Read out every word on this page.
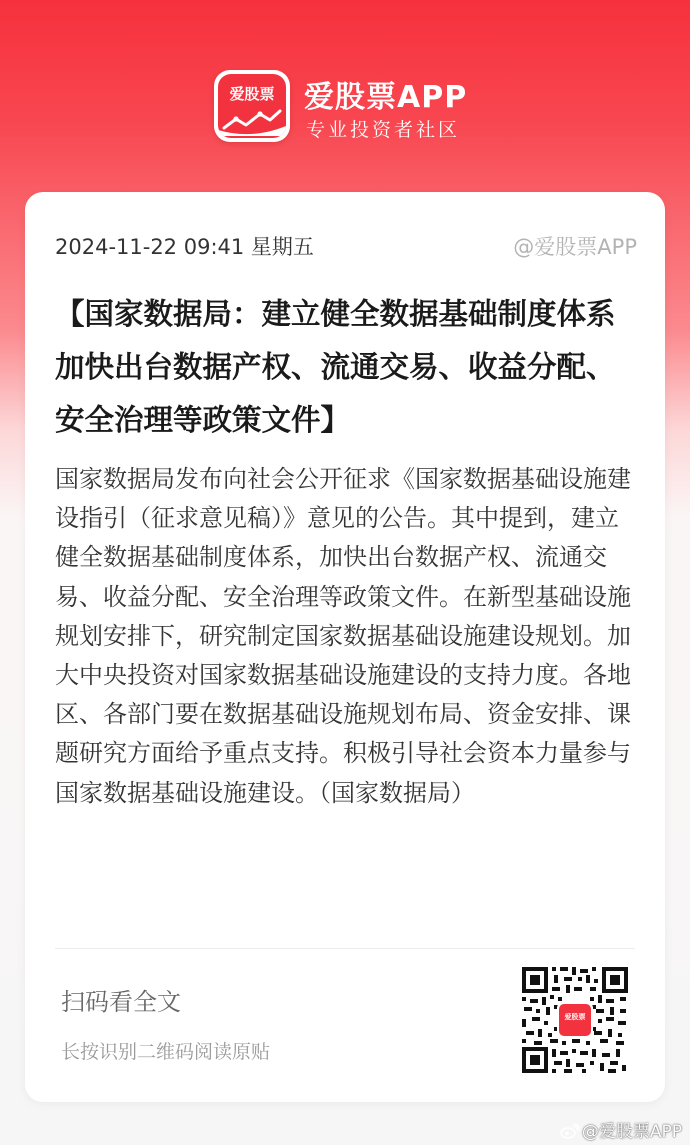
爱股票 爱股票APP
专业投资者社区
2024-11-22 09:41 星期五	@爱股票APP
【国家数据局：建立健全数据基础制度体系 加快出台数据产权、流通交易、收益分配、安全治理等政策文件】
国家数据局发布向社会公开征求《国家数据基础设施建设指引（征求意见稿）》意见的公告。其中提到，建立健全数据基础制度体系，加快出台数据产权、流通交易、收益分配、安全治理等政策文件。在新型基础设施规划安排下，研究制定国家数据基础设施建设规划。加大中央投资对国家数据基础设施建设的支持力度。各地区、各部门要在数据基础设施规划布局、资金安排、课题研究方面给予重点支持。积极引导社会资本力量参与国家数据基础设施建设。（国家数据局）
扫码看全文
长按识别二维码阅读原贴
爱股票
@爱股票APP
